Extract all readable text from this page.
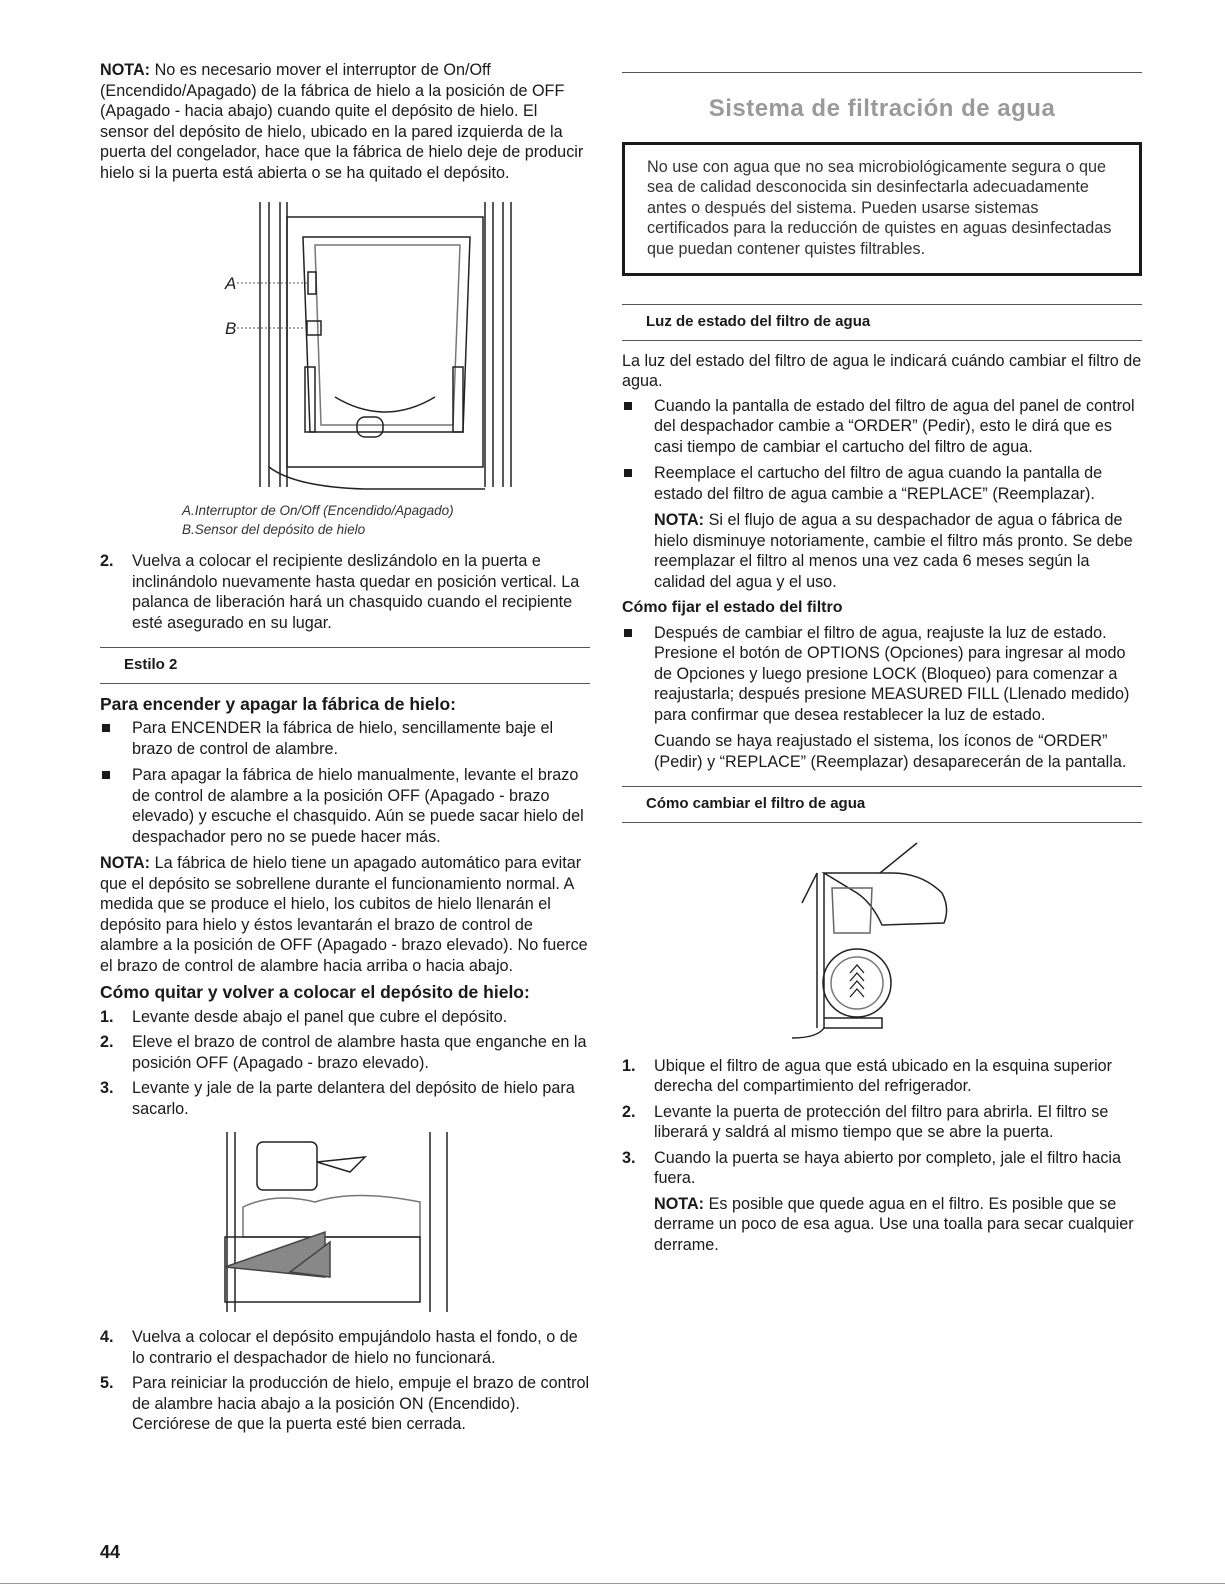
NOTA: No es necesario mover el interruptor de On/Off (Encendido/Apagado) de la fábrica de hielo a la posición de OFF (Apagado - hacia abajo) cuando quite el depósito de hielo. El sensor del depósito de hielo, ubicado en la pared izquierda de la puerta del congelador, hace que la fábrica de hielo deje de producir hielo si la puerta está abierta o se ha quitado el depósito.

A
B
A.Interruptor de On/Off (Encendido/Apagado)
B.Sensor del depósito de hielo
2. Vuelva a colocar el recipiente deslizándolo en la puerta e inclinándolo nuevamente hasta quedar en posición vertical. La palanca de liberación hará un chasquido cuando el recipiente esté asegurado en su lugar.
Estilo 2
Para encender y apagar la fábrica de hielo:
Para ENCENDER la fábrica de hielo, sencillamente baje el brazo de control de alambre.
Para apagar la fábrica de hielo manualmente, levante el brazo de control de alambre a la posición OFF (Apagado - brazo elevado) y escuche el chasquido. Aún se puede sacar hielo del despachador pero no se puede hacer más.

NOTA: La fábrica de hielo tiene un apagado automático para evitar que el depósito se sobrellene durante el funcionamiento normal. A medida que se produce el hielo, los cubitos de hielo llenarán el depósito para hielo y éstos levantarán el brazo de control de alambre a la posición de OFF (Apagado - brazo elevado). No fuerce el brazo de control de alambre hacia arriba o hacia abajo.

Cómo quitar y volver a colocar el depósito de hielo:
1. Levante desde abajo el panel que cubre el depósito.
2. Eleve el brazo de control de alambre hasta que enganche en la posición OFF (Apagado - brazo elevado).
3. Levante y jale de la parte delantera del depósito de hielo para sacarlo.
4. Vuelva a colocar el depósito empujándolo hasta el fondo, o de lo contrario el despachador de hielo no funcionará.
5. Para reiniciar la producción de hielo, empuje el brazo de control de alambre hacia abajo a la posición ON (Encendido). Cerciórese de que la puerta esté bien cerrada.
Sistema de filtración de agua
No use con agua que no sea microbiológicamente segura o que sea de calidad desconocida sin desinfectarla adecuadamente antes o después del sistema. Pueden usarse sistemas certificados para la reducción de quistes en aguas desinfectadas que puedan contener quistes filtrables.
Luz de estado del filtro de agua

La luz del estado del filtro de agua le indicará cuándo cambiar el filtro de agua.

Cuando la pantalla de estado del filtro de agua del panel de control del despachador cambie a “ORDER” (Pedir), esto le dirá que es casi tiempo de cambiar el cartucho del filtro de agua.
Reemplace el cartucho del filtro de agua cuando la pantalla de estado del filtro de agua cambie a “REPLACE” (Reemplazar).

NOTA: Si el flujo de agua a su despachador de agua o fábrica de hielo disminuye notoriamente, cambie el filtro más pronto. Se debe reemplazar el filtro al menos una vez cada 6 meses según la calidad del agua y el uso.

Cómo fijar el estado del filtro
Después de cambiar el filtro de agua, reajuste la luz de estado. Presione el botón de OPTIONS (Opciones) para ingresar al modo de Opciones y luego presione LOCK (Bloqueo) para comenzar a reajustarla; después presione MEASURED FILL (Llenado medido) para confirmar que desea restablecer la luz de estado.

Cuando se haya reajustado el sistema, los íconos de “ORDER” (Pedir) y “REPLACE” (Reemplazar) desaparecerán de la pantalla.

Cómo cambiar el filtro de agua
1. Ubique el filtro de agua que está ubicado en la esquina superior derecha del compartimiento del refrigerador.
2. Levante la puerta de protección del filtro para abrirla. El filtro se liberará y saldrá al mismo tiempo que se abre la puerta.
3. Cuando la puerta se haya abierto por completo, jale el filtro hacia fuera.

NOTA: Es posible que quede agua en el filtro. Es posible que se derrame un poco de esa agua. Use una toalla para secar cualquier derrame.

44
